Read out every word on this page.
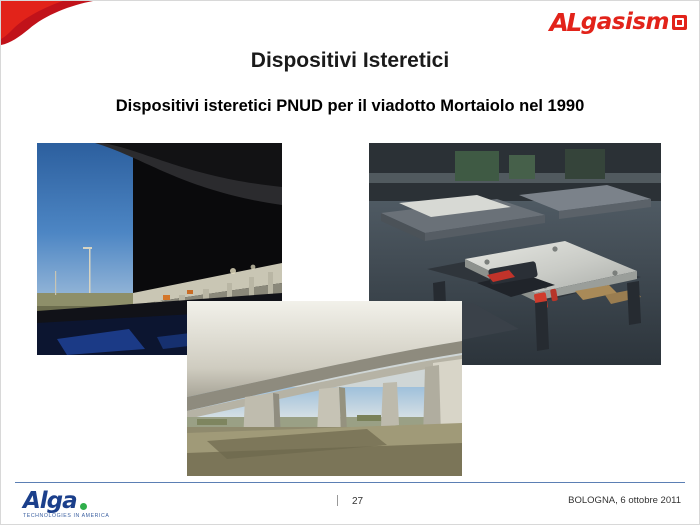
A
L gasism
Dispositivi Isteretici
Dispositivi isteretici PNUD per il viadotto Mortaiolo nel 1990
Alga
TECHNOLOGIES IN AMERICA
27	BOLOGNA, 6 ottobre 2011
